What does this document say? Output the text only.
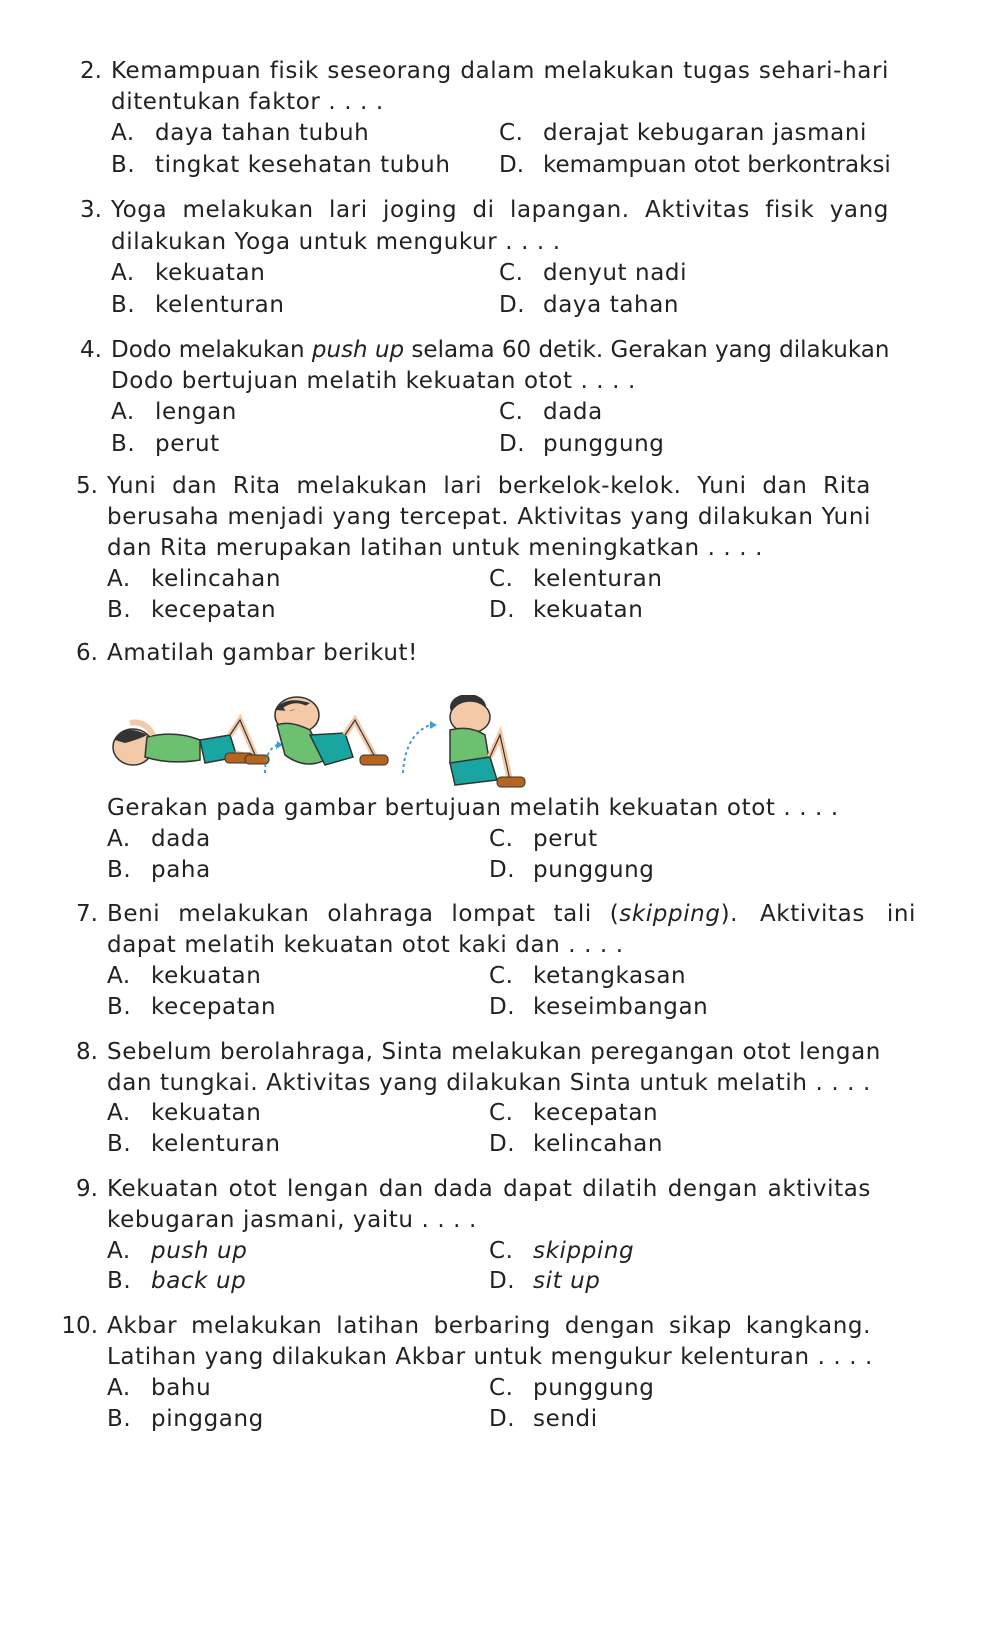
2. Kemampuan fisik seseorang dalam melakukan tugas sehari-hari
ditentukan faktor . . . .
A. daya tahan tubuh
B. tingkat kesehatan tubuh
C. derajat kebugaran jasmani
D. kemampuan otot berkontraksi
3. Yoga melakukan lari joging di lapangan. Aktivitas fisik yang
dilakukan Yoga untuk mengukur . . . .
A. kekuatan
B. kelenturan
C. denyut nadi
D. daya tahan
4. Dodo melakukan push up selama 60 detik. Gerakan yang dilakukan
Dodo bertujuan melatih kekuatan otot . . . .
A. lengan
B. perut
C. dada
D. punggung
5. Yuni dan Rita melakukan lari berkelok-kelok. Yuni dan Rita
berusaha menjadi yang tercepat. Aktivitas yang dilakukan Yuni
dan Rita merupakan latihan untuk meningkatkan . . . .
A. kelincahan
B. kecepatan
C. kelenturan
D. kekuatan
6. Amatilah gambar berikut!
Gerakan pada gambar bertujuan melatih kekuatan otot . . . .
A. dada
B. paha
C. perut
D. punggung
7. Beni melakukan olahraga lompat tali ( skipping). Aktivitas ini
dapat melatih kekuatan otot kaki dan . . . .
A. kekuatan
B. kecepatan
C. ketangkasan
D. keseimbangan
8. Sebelum berolahraga, Sinta melakukan peregangan otot lengan
dan tungkai. Aktivitas yang dilakukan Sinta untuk melatih . . . .
A. kekuatan
B. kelenturan
C. kecepatan
D. kelincahan
9. Kekuatan otot lengan dan dada dapat dilatih dengan aktivitas
kebugaran jasmani, yaitu . . . .
A. push up
B. back up
C. skipping
D. sit up
10. Akbar melakukan latihan berbaring dengan sikap kangkang.
Latihan yang dilakukan Akbar untuk mengukur kelenturan . . . .
A. bahu
B. pinggang
C. punggung
D. sendi
